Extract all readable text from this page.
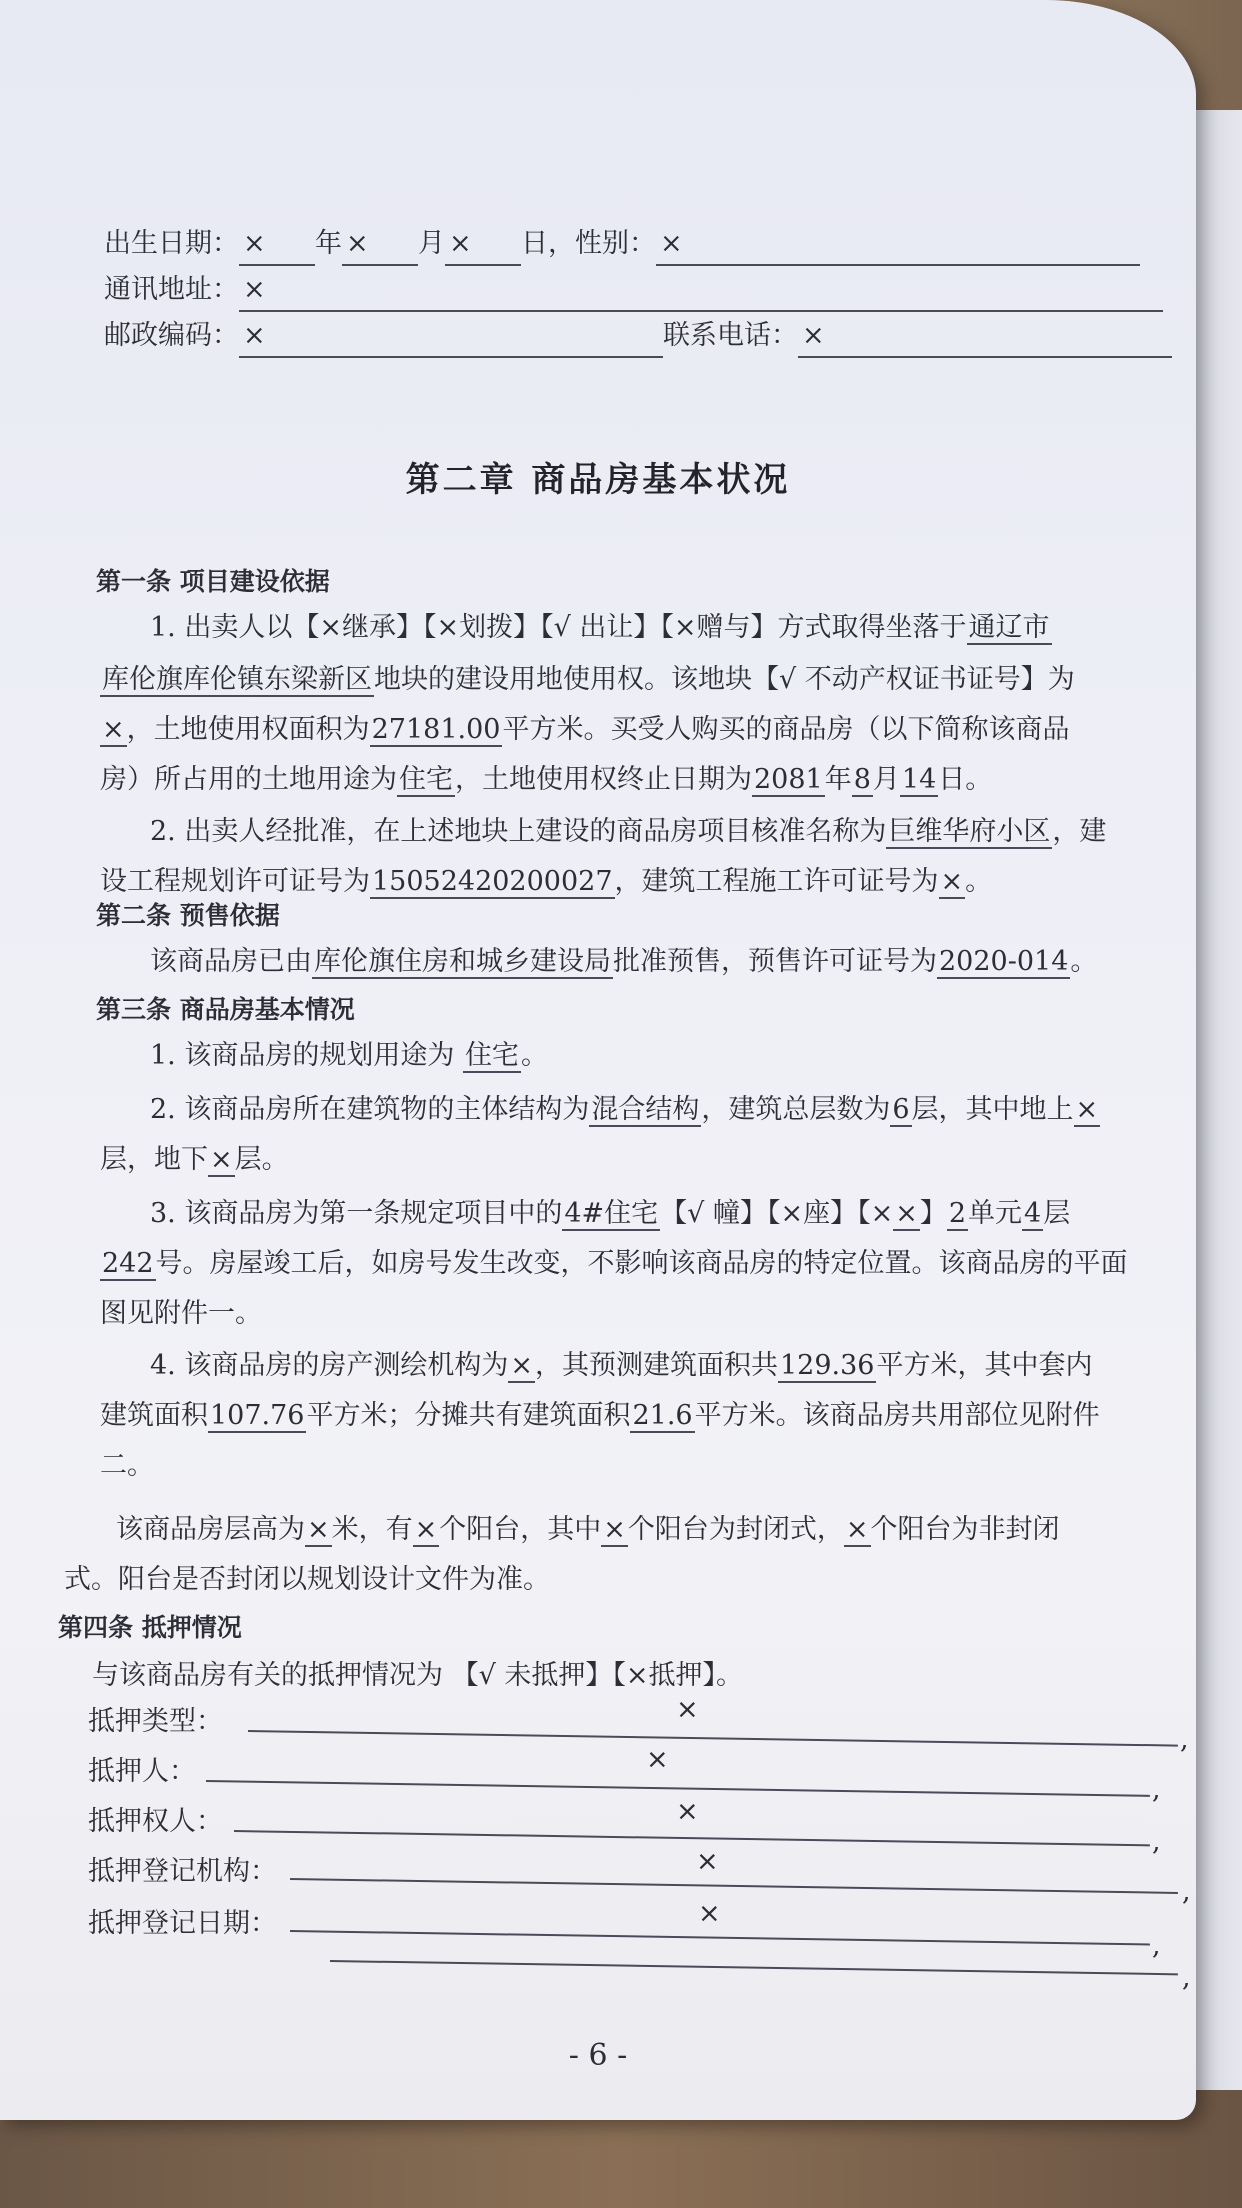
出生日期： × 年 × 月 × 日，性别： ×
通讯地址： ×
邮政编码： ×	联系电话： ×
第二章 商品房基本状况
第一条 项目建设依据
1. 出卖人以【×继承】【×划拨】【√ 出让】【×赠与】方式取得坐落于通辽市
库伦旗库伦镇东梁新区地块的建设用地使用权。该地块【√ 不动产权证书证号】为
×，土地使用权面积为27181.00平方米。买受人购买的商品房（以下简称该商品
房）所占用的土地用途为住宅，土地使用权终止日期为2081年8月14日。
2. 出卖人经批准，在上述地块上建设的商品房项目核准名称为巨维华府小区，建
设工程规划许可证号为15052420200027，建筑工程施工许可证号为×。
第二条 预售依据
该商品房已由库伦旗住房和城乡建设局批准预售，预售许可证号为2020-014。
第三条 商品房基本情况
1. 该商品房的规划用途为 住宅。
2. 该商品房所在建筑物的主体结构为混合结构，建筑总层数为6层，其中地上×
层，地下×层。
3. 该商品房为第一条规定项目中的4#住宅【√ 幢】【×座】【××】2单元4层
242号。房屋竣工后，如房号发生改变，不影响该商品房的特定位置。该商品房的平面
图见附件一。
4. 该商品房的房产测绘机构为×，其预测建筑面积共129.36平方米，其中套内
建筑面积107.76平方米；分摊共有建筑面积21.6平方米。该商品房共用部位见附件
二。
该商品房层高为×米，有×个阳台，其中×个阳台为封闭式，×个阳台为非封闭
式。阳台是否封闭以规划设计文件为准。
第四条 抵押情况
与该商品房有关的抵押情况为 【√ 未抵押】【×抵押】。
抵押类型：	×
,
抵押人：	×
,
抵押权人：	×
,
抵押登记机构：	×
,
抵押登记日期：	×
,
,
- 6 -
